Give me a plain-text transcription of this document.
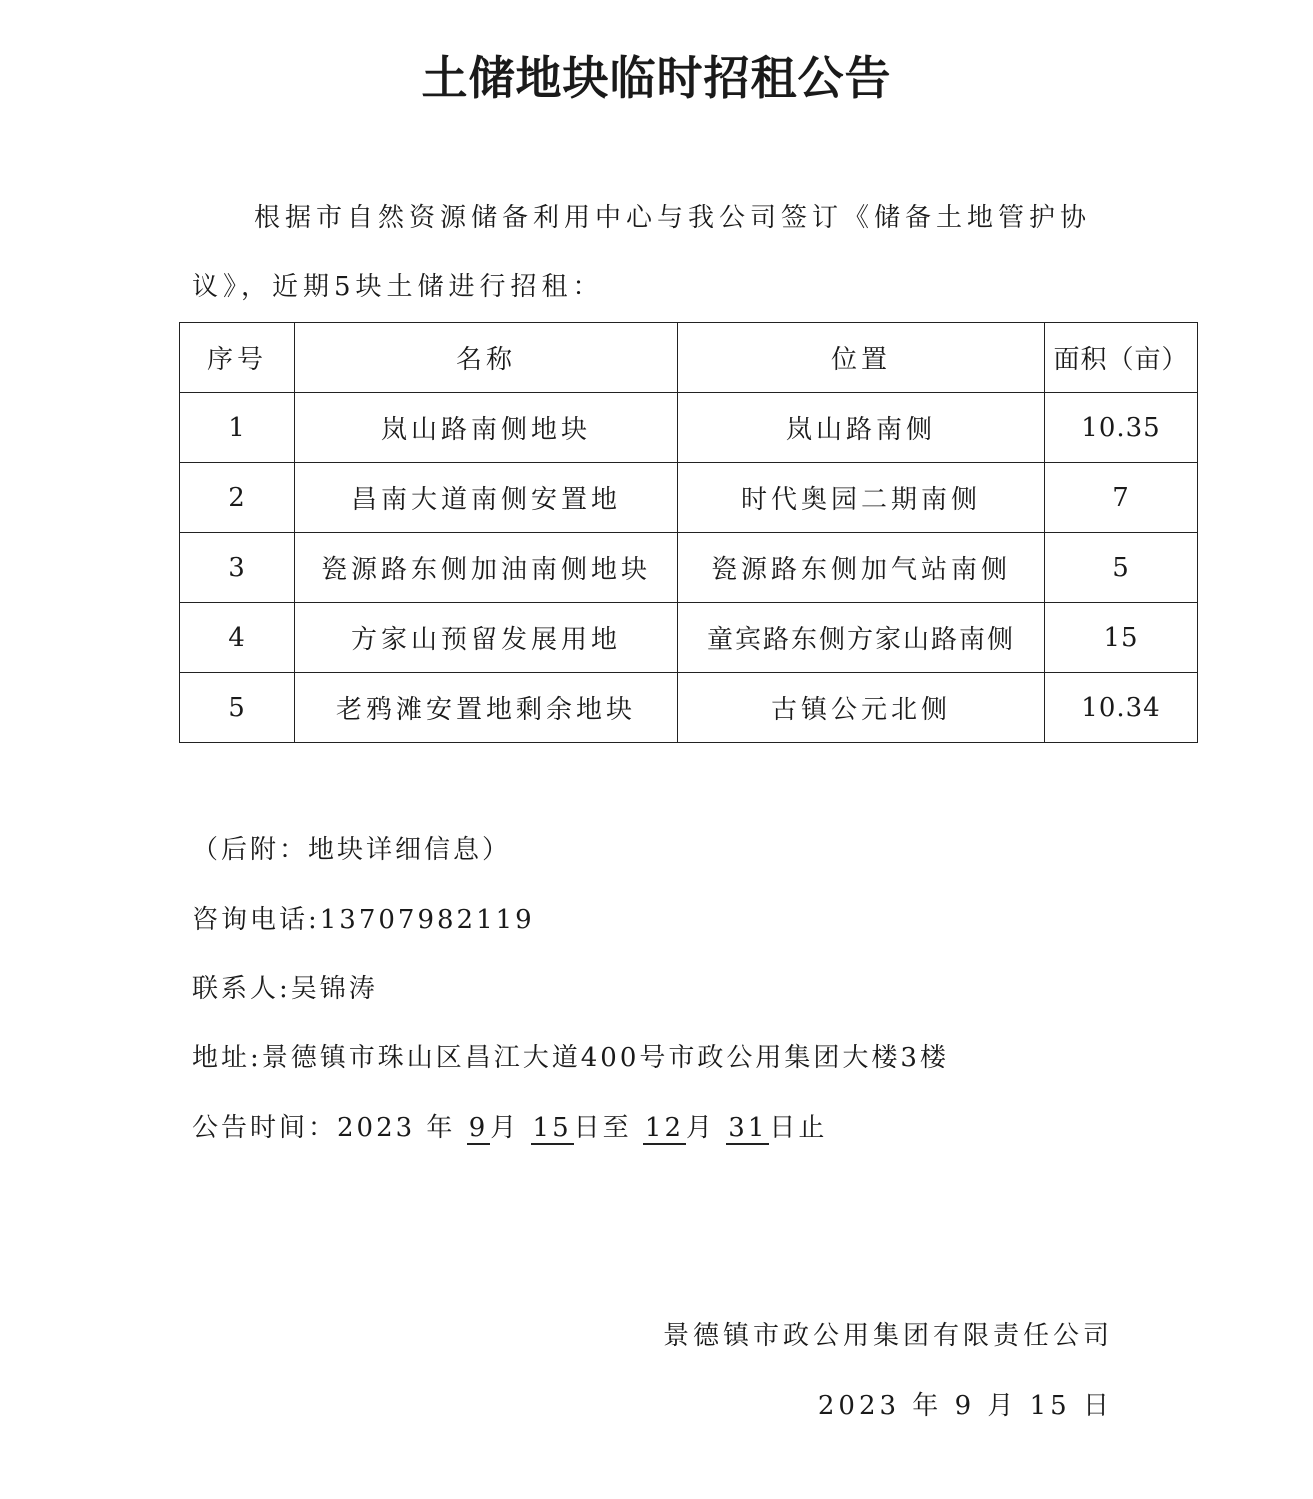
土储地块临时招租公告
根据市自然资源储备利用中心与我公司签订《储备土地管护协
议》，近期5块土储进行招租：
序号	名称	位置	面积（亩）
1	岚山路南侧地块	岚山路南侧	10.35
2	昌南大道南侧安置地	时代奥园二期南侧	7
3	瓷源路东侧加油南侧地块	瓷源路东侧加气站南侧	5
4	方家山预留发展用地	童宾路东侧方家山路南侧	15
5	老鸦滩安置地剩余地块	古镇公元北侧	10.34
（后附：地块详细信息）
咨询电话:13707982119
联系人:吴锦涛
地址:景德镇市珠山区昌江大道400号市政公用集团大楼3楼
公告时间：2023 年 9月 15日至 12月 31日止
景德镇市政公用集团有限责任公司
2023 年 9 月 15 日
